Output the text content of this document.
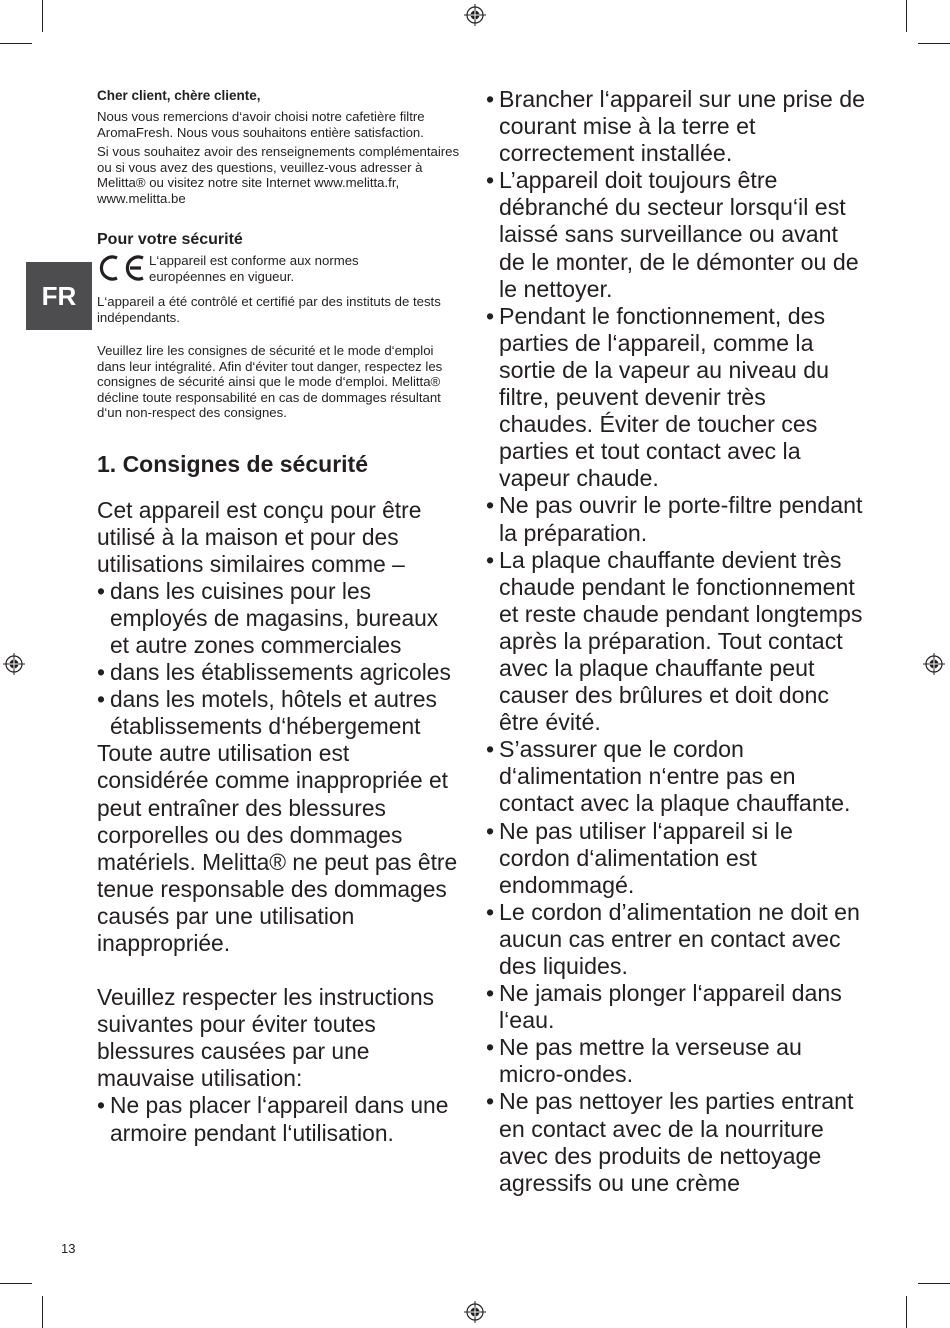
FR

Cher client, chère cliente,

Nous vous remercions d‘avoir choisi notre cafetière filtre AromaFresh. Nous vous souhaitons entière satisfaction.

Si vous souhaitez avoir des renseignements complémentaires ou si vous avez des questions, veuillez-vous adresser à Melitta® ou visitez notre site Internet www.melitta.fr, www.melitta.be

Pour votre sécurité

L‘appareil est conforme aux normes européennes en vigueur.

L‘appareil a été contrôlé et certifié par des instituts de tests indépendants.

Veuillez lire les consignes de sécurité et le mode d‘emploi dans leur intégralité. Afin d‘éviter tout danger, respectez les consignes de sécurité ainsi que le mode d‘emploi. Melitta® décline toute responsabilité en cas de dommages résultant d‘un non-respect des consignes.

1. Consignes de sécurité

Cet appareil est conçu pour être utilisé à la maison et pour des utilisations similaires comme –

• dans les cuisines pour les employés de magasins, bureaux et autre zones commerciales
• dans les établissements agricoles
• dans les motels, hôtels et autres établissements d‘hébergement

Toute autre utilisation est considérée comme inappropriée et peut entraîner des blessures corporelles ou des dommages matériels. Melitta® ne peut pas être tenue responsable des dommages causés par une utilisation inappropriée.

Veuillez respecter les instructions suivantes pour éviter toutes blessures causées par une mauvaise utilisation:

• Ne pas placer l‘appareil dans une armoire pendant l‘utilisation.
• Brancher l‘appareil sur une prise de courant mise à la terre et correctement installée.
• L’appareil doit toujours être débranché du secteur lorsqu‘il est laissé sans surveillance ou avant de le monter, de le démonter ou de le nettoyer.
• Pendant le fonctionnement, des parties de l‘appareil, comme la sortie de la vapeur au niveau du filtre, peuvent devenir très chaudes. Éviter de toucher ces parties et tout contact avec la vapeur chaude.
• Ne pas ouvrir le porte-filtre pendant la préparation.
• La plaque chauffante devient très chaude pendant le fonctionnement et reste chaude pendant longtemps après la préparation. Tout contact avec la plaque chauffante peut causer des brûlures et doit donc être évité.
• S’assurer que le cordon d‘alimentation n‘entre pas en contact avec la plaque chauffante.
• Ne pas utiliser l‘appareil si le cordon d‘alimentation est endommagé.
• Le cordon d’alimentation ne doit en aucun cas entrer en contact avec des liquides.
• Ne jamais plonger l‘appareil dans l‘eau.
• Ne pas mettre la verseuse au micro-ondes.
• Ne pas nettoyer les parties entrant en contact avec de la nourriture avec des produits de nettoyage agressifs ou une crème
13
